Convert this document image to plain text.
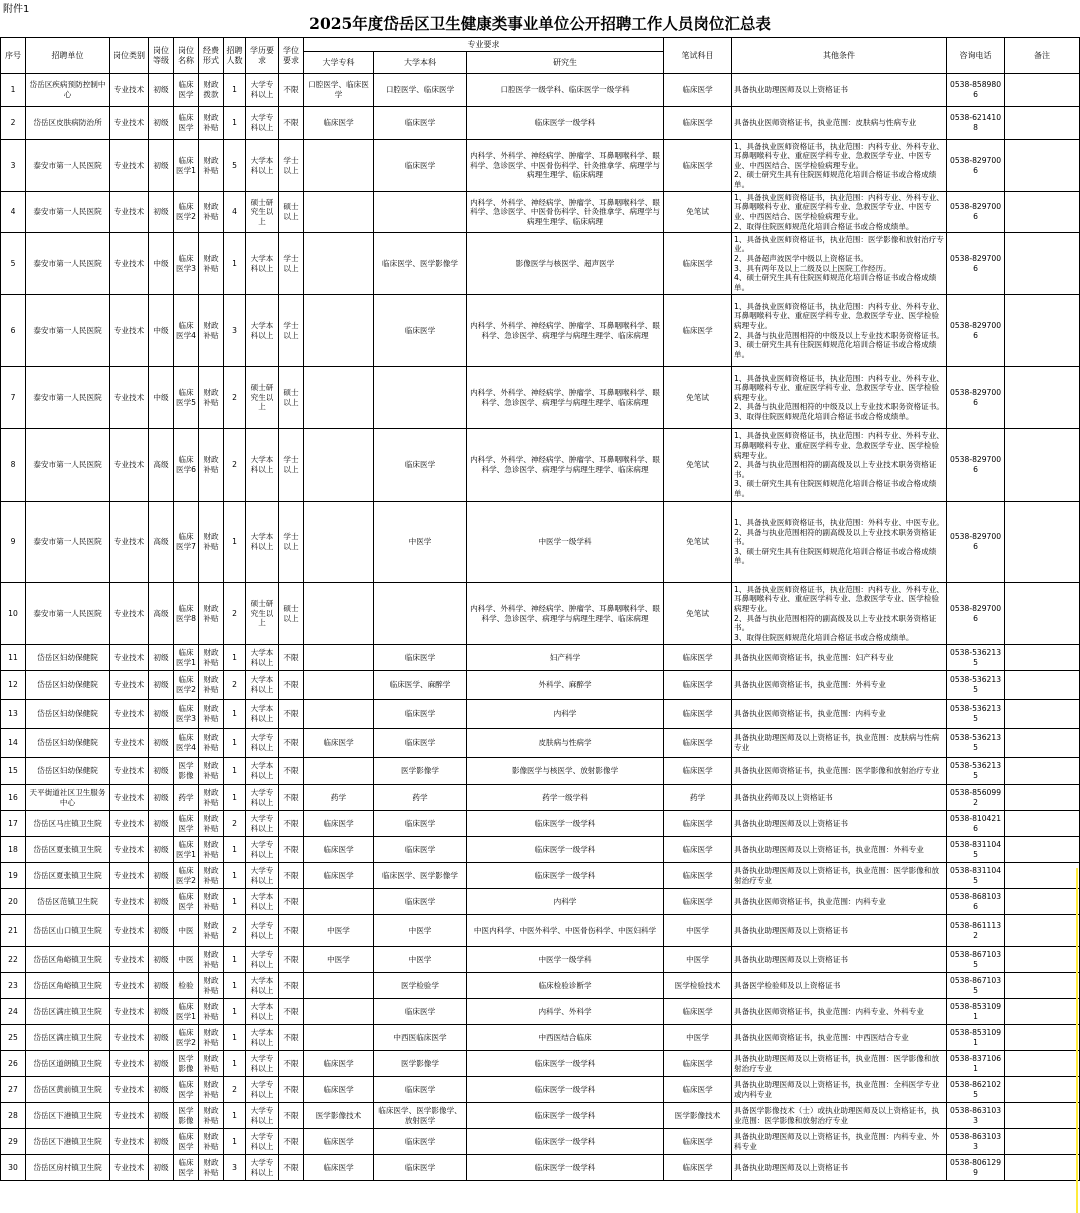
附件1
2025年度岱岳区卫生健康类事业单位公开招聘工作人员岗位汇总表
序号	招聘单位	岗位类别	岗位等级	岗位名称	经费形式	招聘人数	学历要求	学位要求	专业要求			笔试科目	其他条件	咨询电话	备注
									大学专科	大学本科	研究生				
1	岱岳区疾病预防控制中心	专业技术	初级	临床医学	财政拨款	1	大学专科以上	不限	口腔医学、临床医学	口腔医学、临床医学	口腔医学一级学科、临床医学一级学科	临床医学	具备执业助理医师及以上资格证书	0538-8589806	
2	岱岳区皮肤病防治所	专业技术	初级	临床医学	财政补贴	1	大学专科以上	不限	临床医学	临床医学	临床医学一级学科	临床医学	具备执业医师资格证书，执业范围：皮肤病与性病专业	0538-6214108	
3	泰安市第一人民医院	专业技术	初级	临床医学1	财政补贴	5	大学本科以上	学士以上		临床医学	内科学、外科学、神经病学、肿瘤学、耳鼻咽喉科学、眼科学、急诊医学、中医骨伤科学、针灸推拿学、病理学与病理生理学、临床病理	临床医学	1、具备执业医师资格证书，执业范围：内科专业、外科专业、耳鼻咽喉科专业、重症医学科专业、急救医学专业、中医专业、中西医结合、医学检验病理专业。
2、硕士研究生具有住院医师规范化培训合格证书或合格成绩单。	0538-8297006	
4	泰安市第一人民医院	专业技术	初级	临床医学2	财政补贴	4	硕士研究生以上	硕士以上			内科学、外科学、神经病学、肿瘤学、耳鼻咽喉科学、眼科学、急诊医学、中医骨伤科学、针灸推拿学、病理学与病理生理学、临床病理	免笔试	1、具备执业医师资格证书，执业范围：内科专业、外科专业、耳鼻咽喉科专业、重症医学科专业、急救医学专业、中医专业、中西医结合、医学检验病理专业。
2、取得住院医师规范化培训合格证书或合格成绩单。	0538-8297006	
5	泰安市第一人民医院	专业技术	中级	临床医学3	财政补贴	1	大学本科以上	学士以上		临床医学、医学影像学	影像医学与核医学、超声医学	临床医学	1、具备执业医师资格证书，执业范围：医学影像和放射治疗专业。
2、具备超声波医学中级以上资格证书。
3、具有两年及以上二级及以上医院工作经历。
4、硕士研究生具有住院医师规范化培训合格证书或合格成绩单。	0538-8297006	
6	泰安市第一人民医院	专业技术	中级	临床医学4	财政补贴	3	大学本科以上	学士以上		临床医学	内科学、外科学、神经病学、肿瘤学、耳鼻咽喉科学、眼科学、急诊医学、病理学与病理生理学、临床病理	临床医学	1、具备执业医师资格证书，执业范围：内科专业、外科专业、耳鼻咽喉科专业、重症医学科专业、急救医学专业、医学检验病理专业。
2、具备与执业范围相符的中级及以上专业技术职务资格证书。
3、硕士研究生具有住院医师规范化培训合格证书或合格成绩单。	0538-8297006	
7	泰安市第一人民医院	专业技术	中级	临床医学5	财政补贴	2	硕士研究生以上	硕士以上			内科学、外科学、神经病学、肿瘤学、耳鼻咽喉科学、眼科学、急诊医学、病理学与病理生理学、临床病理	免笔试	1、具备执业医师资格证书，执业范围：内科专业、外科专业、耳鼻咽喉科专业、重症医学科专业、急救医学专业、医学检验病理专业。
2、具备与执业范围相符的中级及以上专业技术职务资格证书。
3、取得住院医师规范化培训合格证书或合格成绩单。	0538-8297006	
8	泰安市第一人民医院	专业技术	高级	临床医学6	财政补贴	2	大学本科以上	学士以上		临床医学	内科学、外科学、神经病学、肿瘤学、耳鼻咽喉科学、眼科学、急诊医学、病理学与病理生理学、临床病理	免笔试	1、具备执业医师资格证书，执业范围：内科专业、外科专业、耳鼻咽喉科专业、重症医学科专业、急救医学专业、医学检验病理专业。
2、具备与执业范围相符的副高级及以上专业技术职务资格证书。
3、硕士研究生具有住院医师规范化培训合格证书或合格成绩单。	0538-8297006	
9	泰安市第一人民医院	专业技术	高级	临床医学7	财政补贴	1	大学本科以上	学士以上		中医学	中医学一级学科	免笔试	1、具备执业医师资格证书，执业范围：外科专业、中医专业。
2、具备与执业范围相符的副高级及以上专业技术职务资格证书。
3、硕士研究生具有住院医师规范化培训合格证书或合格成绩单。	0538-8297006	
10	泰安市第一人民医院	专业技术	高级	临床医学8	财政补贴	2	硕士研究生以上	硕士以上			内科学、外科学、神经病学、肿瘤学、耳鼻咽喉科学、眼科学、急诊医学、病理学与病理生理学、临床病理	免笔试	1、具备执业医师资格证书，执业范围：内科专业、外科专业、耳鼻咽喉科专业、重症医学科专业、急救医学专业、医学检验病理专业。
2、具备与执业范围相符的副高级及以上专业技术职务资格证书。
3、取得住院医师规范化培训合格证书或合格成绩单。	0538-8297006	
11	岱岳区妇幼保健院	专业技术	初级	临床医学1	财政补贴	1	大学本科以上	不限		临床医学	妇产科学	临床医学	具备执业医师资格证书，执业范围：妇产科专业	0538-5362135	
12	岱岳区妇幼保健院	专业技术	初级	临床医学2	财政补贴	2	大学本科以上	不限		临床医学、麻醉学	外科学、麻醉学	临床医学	具备执业医师资格证书，执业范围：外科专业	0538-5362135	
13	岱岳区妇幼保健院	专业技术	初级	临床医学3	财政补贴	1	大学本科以上	不限		临床医学	内科学	临床医学	具备执业医师资格证书，执业范围：内科专业	0538-5362135	
14	岱岳区妇幼保健院	专业技术	初级	临床医学4	财政补贴	1	大学专科以上	不限	临床医学	临床医学	皮肤病与性病学	临床医学	具备执业助理医师及以上资格证书，执业范围：皮肤病与性病专业	0538-5362135	
15	岱岳区妇幼保健院	专业技术	初级	医学影像	财政补贴	1	大学本科以上	不限		医学影像学	影像医学与核医学、放射影像学	临床医学	具备执业医师资格证书，执业范围：医学影像和放射治疗专业	0538-5362135	
16	天平街道社区卫生服务中心	专业技术	初级	药学	财政补贴	1	大学专科以上	不限	药学	药学	药学一级学科	药学	具备执业药师及以上资格证书	0538-8560992	
17	岱岳区马庄镇卫生院	专业技术	初级	临床医学	财政补贴	2	大学专科以上	不限	临床医学	临床医学	临床医学一级学科	临床医学	具备执业助理医师及以上资格证书	0538-8104216	
18	岱岳区夏张镇卫生院	专业技术	初级	临床医学1	财政补贴	1	大学专科以上	不限	临床医学	临床医学	临床医学一级学科	临床医学	具备执业助理医师及以上资格证书，执业范围：外科专业	0538-8311045	
19	岱岳区夏张镇卫生院	专业技术	初级	临床医学2	财政补贴	1	大学专科以上	不限	临床医学	临床医学、医学影像学	临床医学一级学科	临床医学	具备执业助理医师及以上资格证书，执业范围：医学影像和放射治疗专业	0538-8311045	
20	岱岳区范镇卫生院	专业技术	初级	临床医学	财政补贴	1	大学本科以上	不限		临床医学	内科学	临床医学	具备执业医师资格证书，执业范围：内科专业	0538-8681036	
21	岱岳区山口镇卫生院	专业技术	初级	中医	财政补贴	2	大学专科以上	不限	中医学	中医学	中医内科学、中医外科学、中医骨伤科学、中医妇科学	中医学	具备执业助理医师及以上资格证书	0538-8611132	
22	岱岳区角峪镇卫生院	专业技术	初级	中医	财政补贴	1	大学专科以上	不限	中医学	中医学	中医学一级学科	中医学	具备执业助理医师及以上资格证书	0538-8671035	
23	岱岳区角峪镇卫生院	专业技术	初级	检验	财政补贴	1	大学本科以上	不限		医学检验学	临床检验诊断学	医学检验技术	具备医学检验师及以上资格证书	0538-8671035	
24	岱岳区满庄镇卫生院	专业技术	初级	临床医学1	财政补贴	1	大学本科以上	不限		临床医学	内科学、外科学	临床医学	具备执业医师资格证书，执业范围：内科专业、外科专业	0538-8531091	
25	岱岳区满庄镇卫生院	专业技术	初级	临床医学2	财政补贴	1	大学本科以上	不限		中西医临床医学	中西医结合临床	中医学	具备执业医师资格证书，执业范围：中西医结合专业	0538-8531091	
26	岱岳区道朗镇卫生院	专业技术	初级	医学影像	财政补贴	1	大学专科以上	不限	临床医学	医学影像学	临床医学一级学科	临床医学	具备执业助理医师及以上资格证书，执业范围：医学影像和放射治疗专业	0538-8371061	
27	岱岳区黄前镇卫生院	专业技术	初级	临床医学	财政补贴	2	大学专科以上	不限	临床医学	临床医学	临床医学一级学科	临床医学	具备执业助理医师及以上资格证书，执业范围：全科医学专业或内科专业	0538-8621025	
28	岱岳区下港镇卫生院	专业技术	初级	医学影像	财政补贴	1	大学专科以上	不限	医学影像技术	临床医学、医学影像学、放射医学	临床医学一级学科	医学影像技术	具备医学影像技术（士）或执业助理医师及以上资格证书，执业范围：医学影像和放射治疗专业	0538-8631033	
29	岱岳区下港镇卫生院	专业技术	初级	临床医学	财政补贴	1	大学专科以上	不限	临床医学	临床医学	临床医学一级学科	临床医学	具备执业助理医师及以上资格证书，执业范围：内科专业、外科专业	0538-8631033	
30	岱岳区房村镇卫生院	专业技术	初级	临床医学	财政补贴	3	大学专科以上	不限	临床医学	临床医学	临床医学一级学科	临床医学	具备执业助理医师及以上资格证书	0538-8061299	
